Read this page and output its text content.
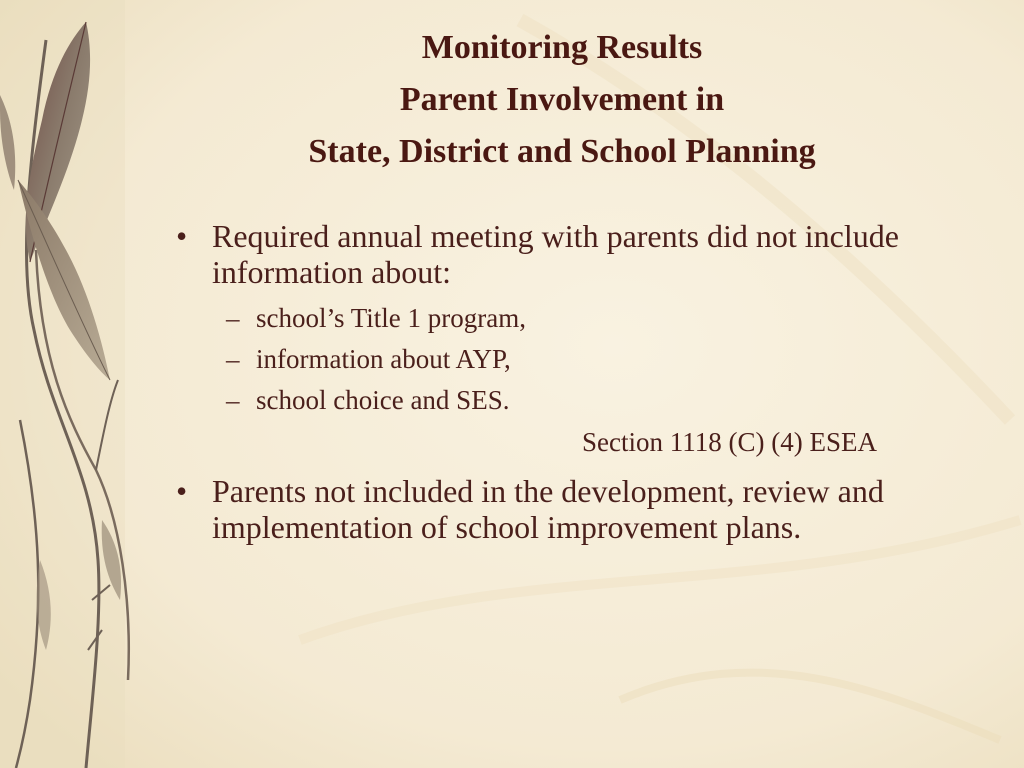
Monitoring Results
Parent Involvement in
State, District and School Planning
• Required annual meeting with parents did not include information about:
– school’s Title 1 program,
– information about AYP,
– school choice and SES.
Section 1118 (C) (4) ESEA
• Parents not included in the development, review and implementation of school improvement plans.
